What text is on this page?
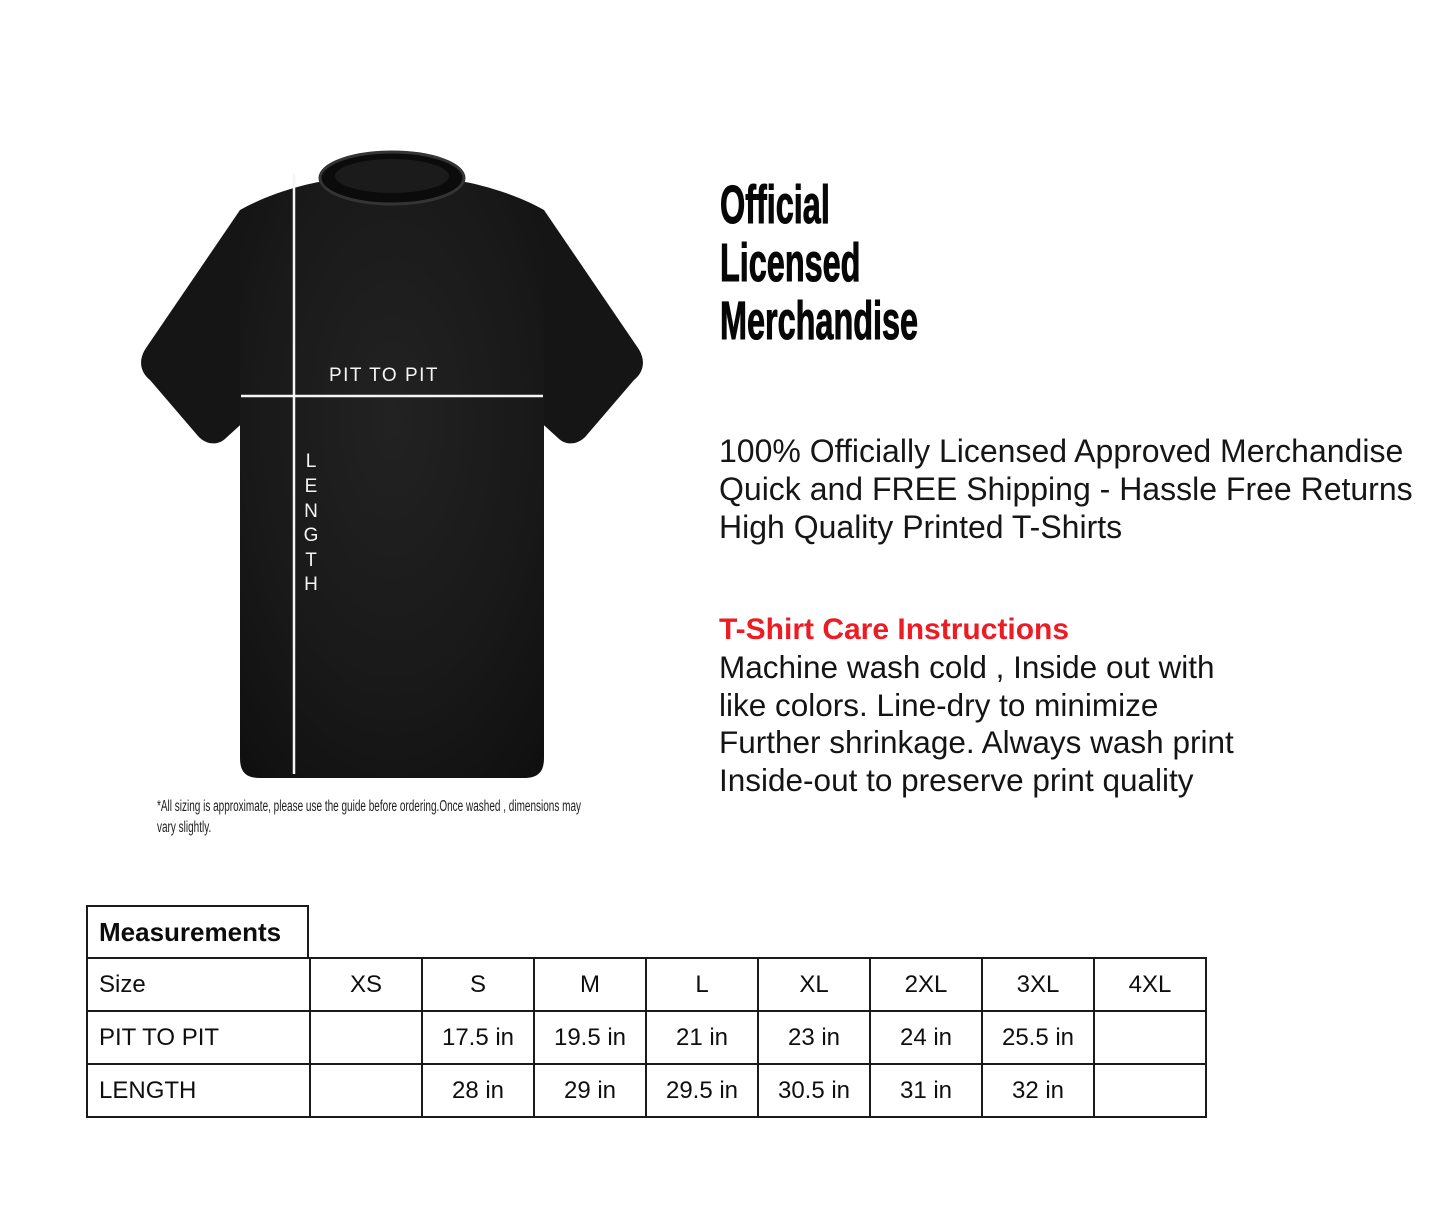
PIT TO PIT
L
E
N
G
T
H
*All sizing is approximate, please use the guide before ordering.Once washed , dimensions may
vary slightly.
Official
Licensed
Merchandise
100% Officially Licensed Approved Merchandise
Quick and FREE Shipping - Hassle Free Returns
High Quality Printed T-Shirts
T-Shirt Care Instructions
Machine wash cold , Inside out with
like colors. Line-dry to minimize
Further shrinkage. Always wash print
Inside-out to preserve print quality
Measurements
Size	XS	S	M	L	XL	2XL	3XL	4XL
PIT TO PIT		17.5 in	19.5 in	21 in	23 in	24 in	25.5 in	
LENGTH		28 in	29 in	29.5 in	30.5 in	31 in	32 in	
